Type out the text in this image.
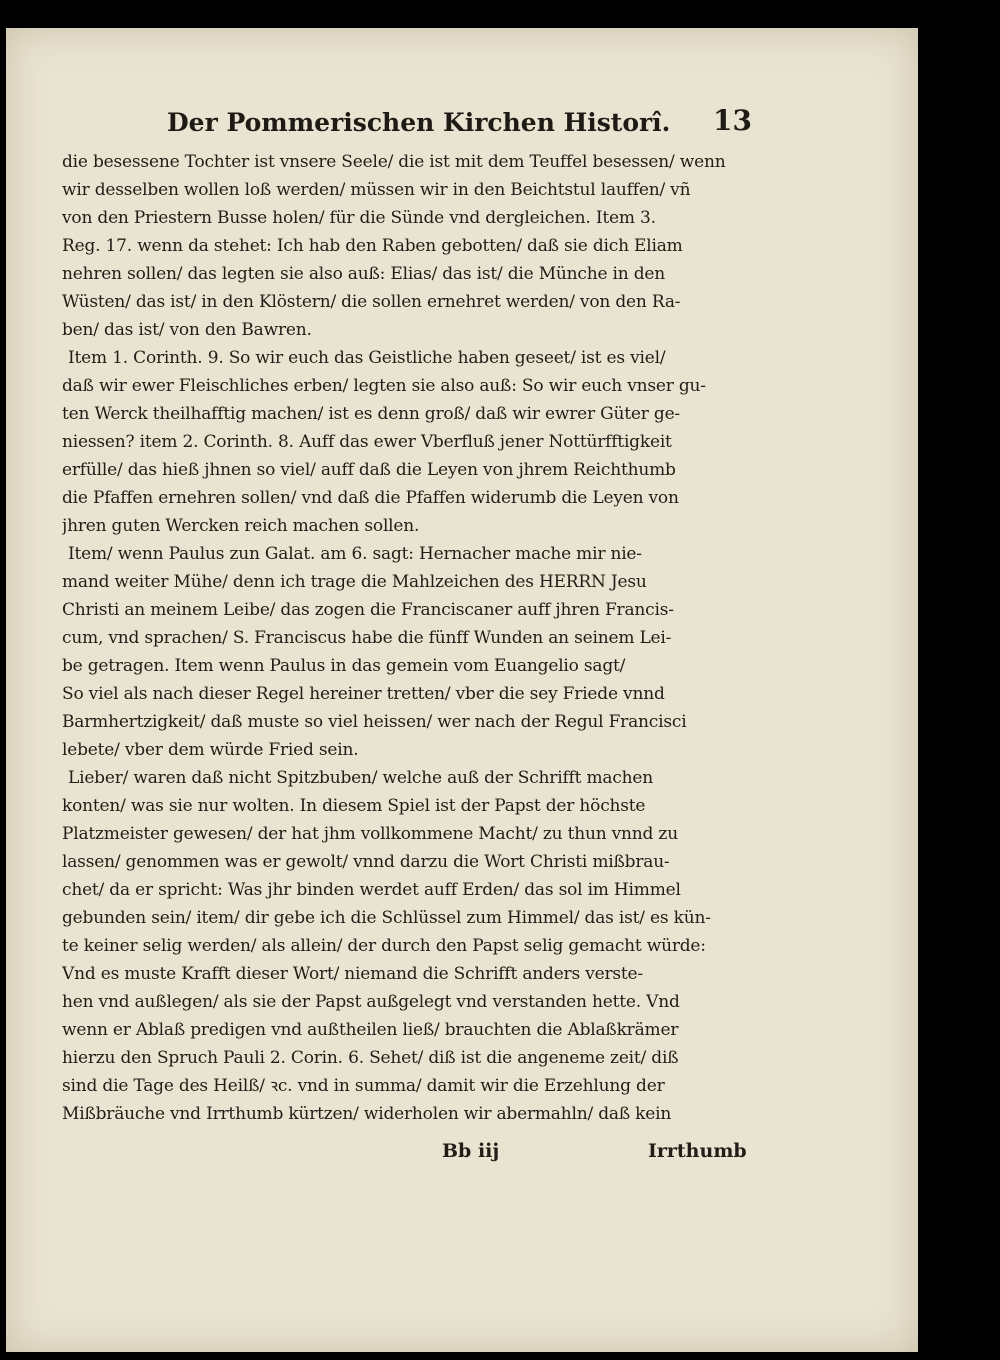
Der Pommerischen Kirchen Historî. 13
die besessene Tochter ist vnsere Seele/ die ist mit dem Teuffel besessen/ wenn
wir desselben wollen loß werden/ müssen wir in den Beichtstul lauffen/ vñ
von den Priestern Busse holen/ für die Sünde vnd dergleichen. Item 3.
Reg. 17. wenn da stehet: Ich hab den Raben gebotten/ daß sie dich Eliam
nehren sollen/ das legten sie also auß: Elias/ das ist/ die Münche in den
Wüsten/ das ist/ in den Klöstern/ die sollen ernehret werden/ von den Ra-
ben/ das ist/ von den Bawren.
Item 1. Corinth. 9. So wir euch das Geistliche haben geseet/ ist es viel/
daß wir ewer Fleischliches erben/ legten sie also auß: So wir euch vnser gu-
ten Werck theilhafftig machen/ ist es denn groß/ daß wir ewrer Güter ge-
niessen? item 2. Corinth. 8. Auff das ewer Vberfluß jener Nottürfftigkeit
erfülle/ das hieß jhnen so viel/ auff daß die Leyen von jhrem Reichthumb
die Pfaffen ernehren sollen/ vnd daß die Pfaffen widerumb die Leyen von
jhren guten Wercken reich machen sollen.
Item/ wenn Paulus zun Galat. am 6. sagt: Hernacher mache mir nie-
mand weiter Mühe/ denn ich trage die Mahlzeichen des HERRN Jesu
Christi an meinem Leibe/ das zogen die Franciscaner auff jhren Francis-
cum, vnd sprachen/ S. Franciscus habe die fünff Wunden an seinem Lei-
be getragen. Item wenn Paulus in das gemein vom Euangelio sagt/
So viel als nach dieser Regel hereiner tretten/ vber die sey Friede vnnd
Barmhertzigkeit/ daß muste so viel heissen/ wer nach der Regul Francisci
lebete/ vber dem würde Fried sein.
Lieber/ waren daß nicht Spitzbuben/ welche auß der Schrifft machen
konten/ was sie nur wolten. In diesem Spiel ist der Papst der höchste
Platzmeister gewesen/ der hat jhm vollkommene Macht/ zu thun vnnd zu
lassen/ genommen was er gewolt/ vnnd darzu die Wort Christi mißbrau-
chet/ da er spricht: Was jhr binden werdet auff Erden/ das sol im Himmel
gebunden sein/ item/ dir gebe ich die Schlüssel zum Himmel/ das ist/ es kün-
te keiner selig werden/ als allein/ der durch den Papst selig gemacht würde:
Vnd es muste Krafft dieser Wort/ niemand die Schrifft anders verste-
hen vnd außlegen/ als sie der Papst außgelegt vnd verstanden hette. Vnd
wenn er Ablaß predigen vnd außtheilen ließ/ brauchten die Ablaßkrämer
hierzu den Spruch Pauli 2. Corin. 6. Sehet/ diß ist die angeneme zeit/ diß
sind die Tage des Heilß/ ꝛc. vnd in summa/ damit wir die Erzehlung der
Mißbräuche vnd Irrthumb kürtzen/ widerholen wir abermahln/ daß kein
Bb iij	Irrthumb
